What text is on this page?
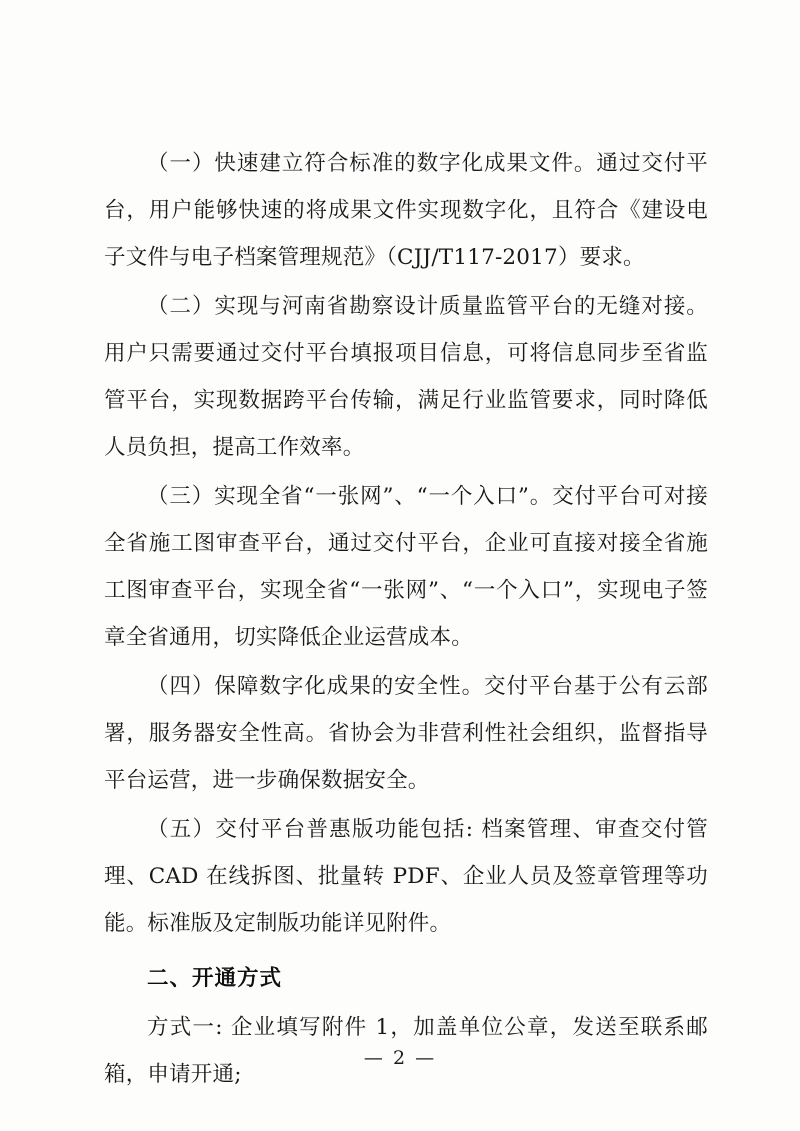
（一）快速建立符合标准的数字化成果文件。通过交付平台，用户能够快速的将成果文件实现数字化，且符合《建设电子文件与电子档案管理规范》（CJJ/T117-2017）要求。

（二）实现与河南省勘察设计质量监管平台的无缝对接。用户只需要通过交付平台填报项目信息，可将信息同步至省监管平台，实现数据跨平台传输，满足行业监管要求，同时降低人员负担，提高工作效率。

（三）实现全省“一张网”、“一个入口”。交付平台可对接全省施工图审查平台，通过交付平台，企业可直接对接全省施工图审查平台，实现全省“一张网”、“一个入口”，实现电子签章全省通用，切实降低企业运营成本。

（四）保障数字化成果的安全性。交付平台基于公有云部署，服务器安全性高。省协会为非营利性社会组织，监督指导平台运营，进一步确保数据安全。

（五）交付平台普惠版功能包括: 档案管理、审查交付管理、CAD 在线拆图、批量转 PDF、企业人员及签章管理等功能。标准版及定制版功能详见附件。

二、开通方式

方式一: 企业填写附件 1，加盖单位公章，发送至联系邮箱，申请开通;

— 2 —
